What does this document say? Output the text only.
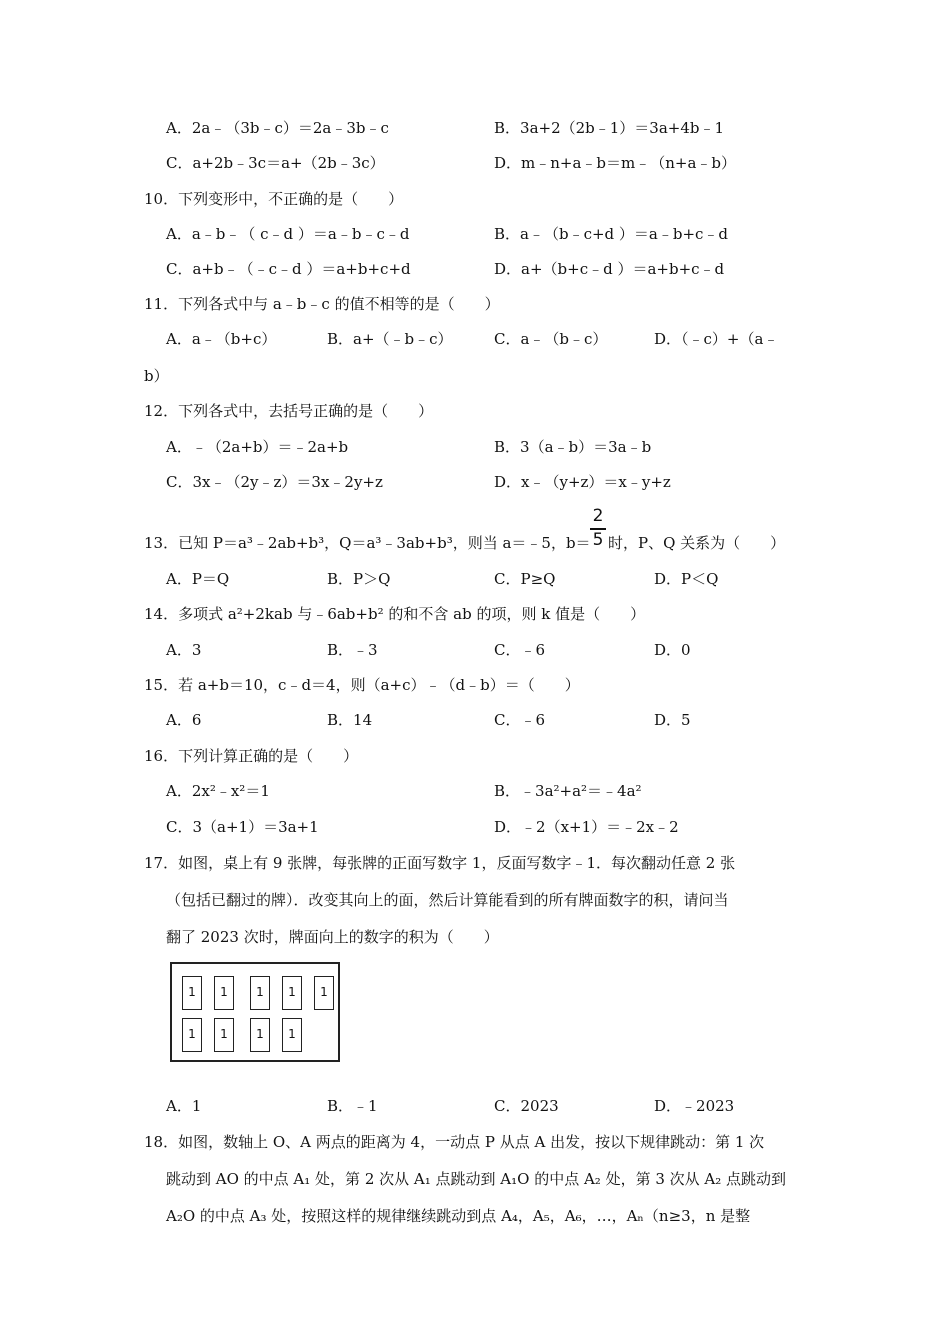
A．2a﹣（3b﹣c）＝2a﹣3b﹣c	B．3a+2（2b﹣1）＝3a+4b﹣1
C．a+2b﹣3c＝a+（2b﹣3c）	D．m﹣n+a﹣b＝m﹣（n+a﹣b）
10．下列变形中，不正确的是（　　）
A．a﹣b﹣（ c﹣d ）＝a﹣b﹣c﹣d	B．a﹣（b﹣c+d ）＝a﹣b+c﹣d
C．a+b﹣（﹣c﹣d ）＝a+b+c+d	D．a+（b+c﹣d ）＝a+b+c﹣d
11．下列各式中与 a﹣b﹣c 的值不相等的是（　　）
A．a﹣（b+c）	B．a+（﹣b﹣c）	C．a﹣（b﹣c）	D．（﹣c）+（a﹣
b）
12．下列各式中，去括号正确的是（　　）
A．﹣（2a+b）＝﹣2a+b	B．3（a﹣b）＝3a﹣b
C．3x﹣（2y﹣z）＝3x﹣2y+z	D．x﹣（y+z）＝x﹣y+z
13．已知 P＝a³﹣2ab+b³，Q＝a³﹣3ab+b³，则当 a＝﹣5，b＝
2
5 时，P、Q 关系为（　　）
A．P＝Q	B．P＞Q	C．P≥Q	D．P＜Q
14．多项式 a²+2kab 与﹣6ab+b² 的和不含 ab 的项，则 k 值是（　　）
A．3	B．﹣3	C．﹣6	D．0
15．若 a+b＝10，c﹣d＝4，则（a+c）﹣（d﹣b）＝（　　）
A．6	B．14	C．﹣6	D．5
16．下列计算正确的是（　　）
A．2x²﹣x²＝1	B．﹣3a²+a²＝﹣4a²
C．3（a+1）＝3a+1	D．﹣2（x+1）＝﹣2x﹣2
17．如图，桌上有 9 张牌，每张牌的正面写数字 1，反面写数字﹣1．每次翻动任意 2 张
（包括已翻过的牌）．改变其向上的面，然后计算能看到的所有牌面数字的积，请问当
翻了 2023 次时，牌面向上的数字的积为（　　）
1	1	1	1	1
1	1	1	1
A．1	B．﹣1	C．2023	D．﹣2023
18．如图，数轴上 O、A 两点的距离为 4，一动点 P 从点 A 出发，按以下规律跳动：第 1 次
跳动到 AO 的中点 A₁ 处，第 2 次从 A₁ 点跳动到 A₁O 的中点 A₂ 处，第 3 次从 A₂ 点跳动到
A₂O 的中点 A₃ 处，按照这样的规律继续跳动到点 A₄，A₅，A₆，…，Aₙ（n≥3，n 是整
